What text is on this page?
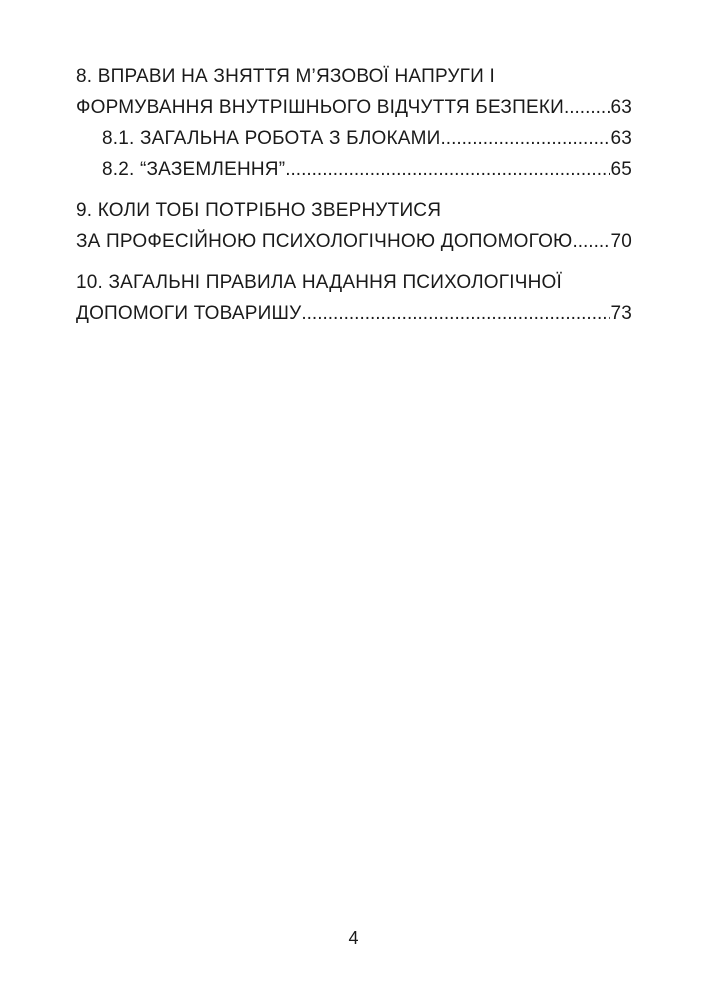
8. ВПРАВИ НА ЗНЯТТЯ М’ЯЗОВОЇ НАПРУГИ І
ФОРМУВАННЯ ВНУТРІШНЬОГО ВІДЧУТТЯ БЕЗПЕКИ ..... 63
8.1. ЗАГАЛЬНА РОБОТА З БЛОКАМИ .....	63
8.2. “ЗАЗЕМЛЕННЯ” .....	65
9. КОЛИ ТОБІ ПОТРІБНО ЗВЕРНУТИСЯ
ЗА ПРОФЕСІЙНОЮ ПСИХОЛОГІЧНОЮ ДОПОМОГОЮ ..... 70
10. ЗАГАЛЬНІ ПРАВИЛА НАДАННЯ ПСИХОЛОГІЧНОЇ
ДОПОМОГИ ТОВАРИШУ .....	73
4
